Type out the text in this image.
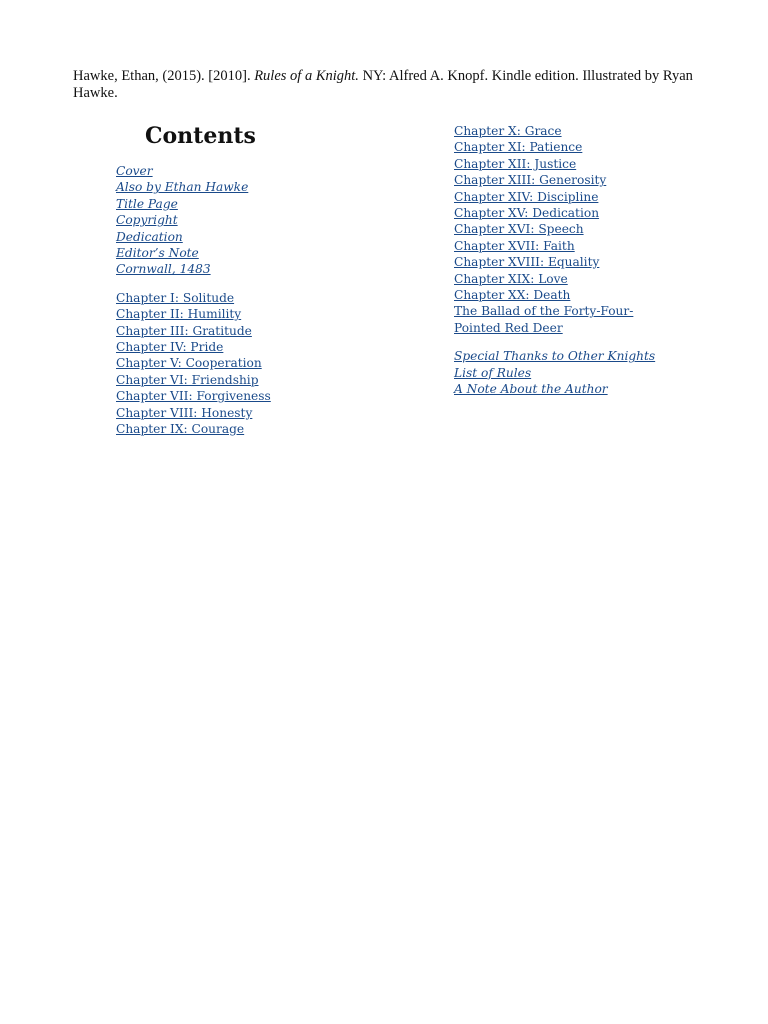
Hawke, Ethan, (2015). [2010]. Rules of a Knight. NY: Alfred A. Knopf. Kindle edition. Illustrated by Ryan Hawke.

Contents
Cover
Also by Ethan Hawke
Title Page
Copyright
Dedication
Editor’s Note
Cornwall, 1483
Chapter I: Solitude
Chapter II: Humility
Chapter III: Gratitude
Chapter IV: Pride
Chapter V: Cooperation
Chapter VI: Friendship
Chapter VII: Forgiveness
Chapter VIII: Honesty
Chapter IX: Courage
Chapter X: Grace
Chapter XI: Patience
Chapter XII: Justice
Chapter XIII: Generosity
Chapter XIV: Discipline
Chapter XV: Dedication
Chapter XVI: Speech
Chapter XVII: Faith
Chapter XVIII: Equality
Chapter XIX: Love
Chapter XX: Death
The Ballad of the Forty-Four-Pointed Red Deer
Special Thanks to Other Knights
List of Rules
A Note About the Author
